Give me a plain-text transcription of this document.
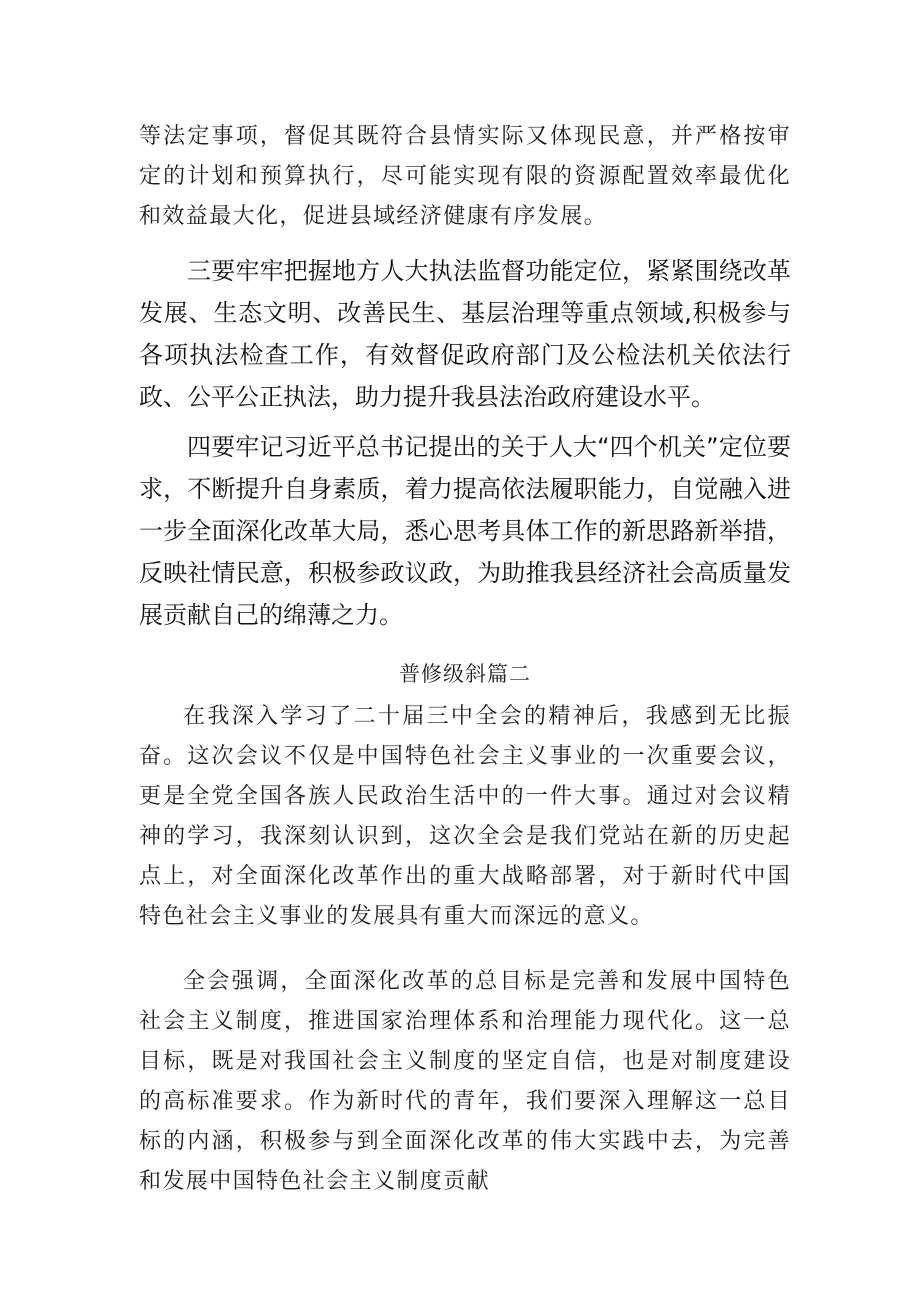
等法定事项，督促其既符合县情实际又体现民意，并严格按审定的计划和预算执行，尽可能实现有限的资源配置效率最优化和效益最大化，促进县域经济健康有序发展。

三要牢牢把握地方人大执法监督功能定位，紧紧围绕改革发展、生态文明、改善民生、基层治理等重点领域,积极参与各项执法检查工作，有效督促政府部门及公检法机关依法行政、公平公正执法，助力提升我县法治政府建设水平。

四要牢记习近平总书记提出的关于人大“四个机关”定位要求，不断提升自身素质，着力提高依法履职能力，自觉融入进一步全面深化改革大局，悉心思考具体工作的新思路新举措，反映社情民意，积极参政议政，为助推我县经济社会高质量发展贡献自己的绵薄之力。

普修级斜篇二

在我深入学习了二十届三中全会的精神后，我感到无比振奋。这次会议不仅是中国特色社会主义事业的一次重要会议，更是全党全国各族人民政治生活中的一件大事。通过对会议精神的学习，我深刻认识到，这次全会是我们党站在新的历史起点上，对全面深化改革作出的重大战略部署，对于新时代中国特色社会主义事业的发展具有重大而深远的意义。

全会强调，全面深化改革的总目标是完善和发展中国特色社会主义制度，推进国家治理体系和治理能力现代化。这一总目标，既是对我国社会主义制度的坚定自信，也是对制度建设的高标准要求。作为新时代的青年，我们要深入理解这一总目标的内涵，积极参与到全面深化改革的伟大实践中去，为完善和发展中国特色社会主义制度贡献
